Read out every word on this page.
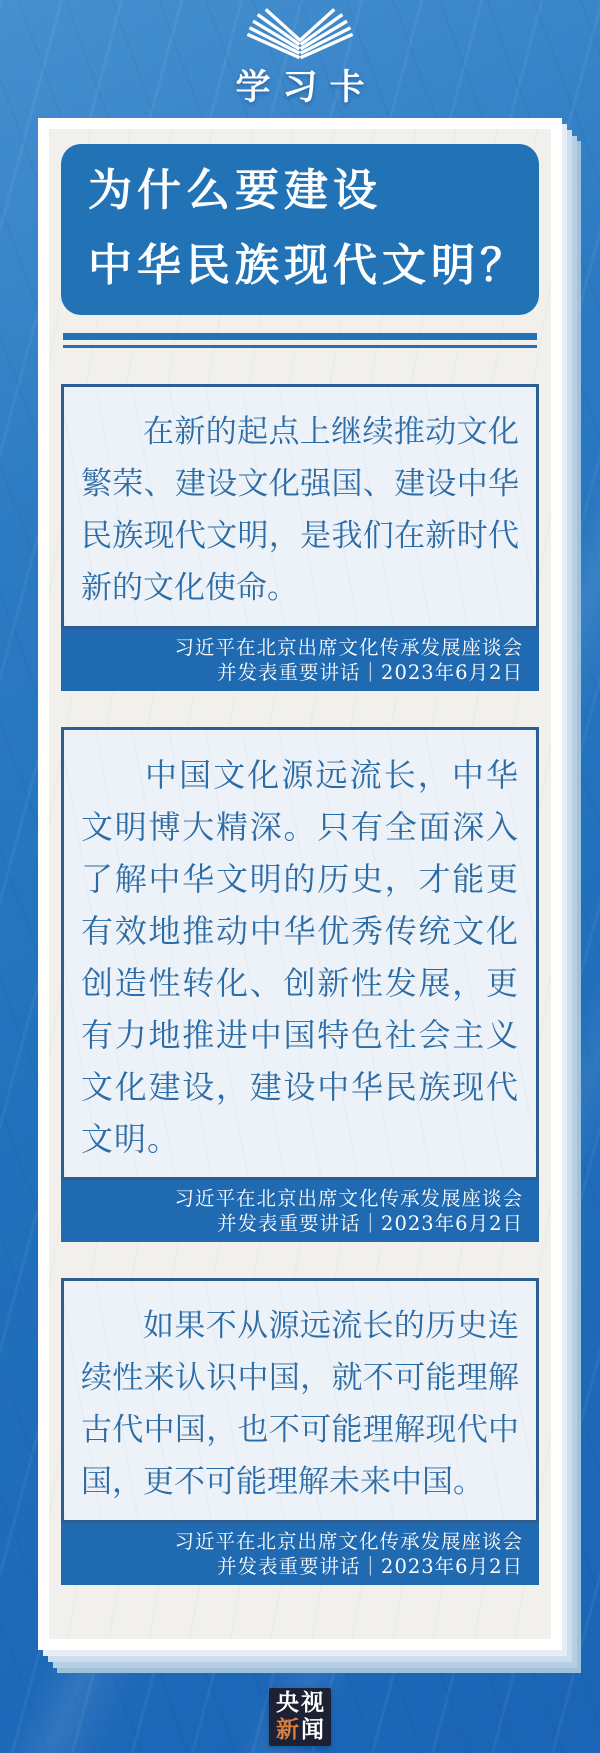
学习卡
为什么要建设
中华民族现代文明？
在新的起点上继续推动文化繁荣、建设文化强国、建设中华民族现代文明，是我们在新时代新的文化使命。
习近平在北京出席文化传承发展座谈会
并发表重要讲话｜2023年6月2日
中国文化源远流长，中华文明博大精深。只有全面深入了解中华文明的历史，才能更有效地推动中华优秀传统文化创造性转化、创新性发展，更有力地推进中国特色社会主义文化建设，建设中华民族现代文明。
习近平在北京出席文化传承发展座谈会
并发表重要讲话｜2023年6月2日
如果不从源远流长的历史连续性来认识中国，就不可能理解古代中国，也不可能理解现代中国，更不可能理解未来中国。
习近平在北京出席文化传承发展座谈会
并发表重要讲话｜2023年6月2日
央视
新闻
